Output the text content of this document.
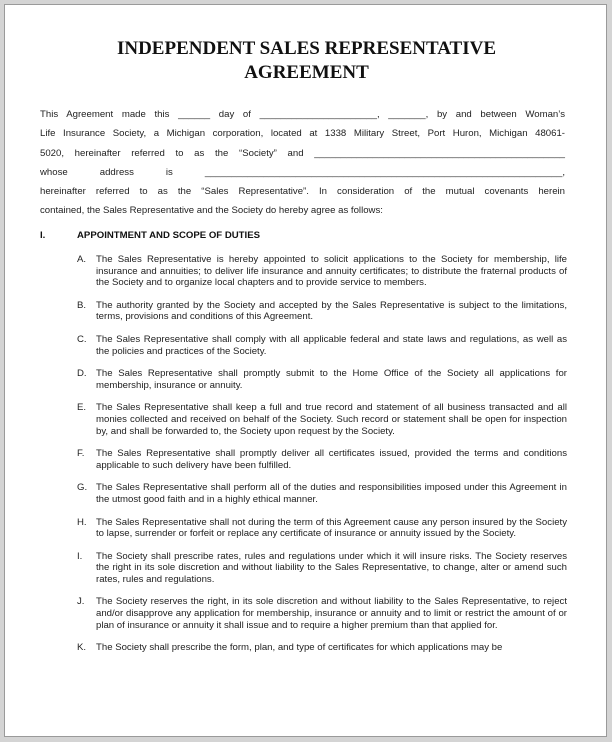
INDEPENDENT SALES REPRESENTATIVE
AGREEMENT
This Agreement made this ______ day of ______________________, _______, by and between Woman’s
Life Insurance Society, a Michigan corporation, located at 1338 Military Street, Port Huron, Michigan 48061-
5020, hereinafter referred to as the “Society” and _______________________________________________
whose address is ___________________________________________________________________,
hereinafter referred to as the “Sales Representative”. In consideration of the mutual covenants herein
contained, the Sales Representative and the Society do hereby agree as follows:
I.	APPOINTMENT AND SCOPE OF DUTIES
A. The Sales Representative is hereby appointed to solicit applications to the Society for membership, life insurance and annuities; to deliver life insurance and annuity certificates; to distribute the fraternal products of the Society and to organize local chapters and to provide service to members.
B. The authority granted by the Society and accepted by the Sales Representative is subject to the limitations, terms, provisions and conditions of this Agreement.
C. The Sales Representative shall comply with all applicable federal and state laws and regulations, as well as the policies and practices of the Society.
D. The Sales Representative shall promptly submit to the Home Office of the Society all applications for membership, insurance or annuity.
E. The Sales Representative shall keep a full and true record and statement of all business transacted and all monies collected and received on behalf of the Society. Such record or statement shall be open for inspection by, and shall be forwarded to, the Society upon request by the Society.
F. The Sales Representative shall promptly deliver all certificates issued, provided the terms and conditions applicable to such delivery have been fulfilled.
G. The Sales Representative shall perform all of the duties and responsibilities imposed under this Agreement in the utmost good faith and in a highly ethical manner.
H. The Sales Representative shall not during the term of this Agreement cause any person insured by the Society to lapse, surrender or forfeit or replace any certificate of insurance or annuity issued by the Society.
I. The Society shall prescribe rates, rules and regulations under which it will insure risks. The Society reserves the right in its sole discretion and without liability to the Sales Representative, to change, alter or amend such rates, rules and regulations.
J. The Society reserves the right, in its sole discretion and without liability to the Sales Representative, to reject and/or disapprove any application for membership, insurance or annuity and to limit or restrict the amount of or plan of insurance or annuity it shall issue and to require a higher premium than that applied for.
K. The Society shall prescribe the form, plan, and type of certificates for which applications may be
